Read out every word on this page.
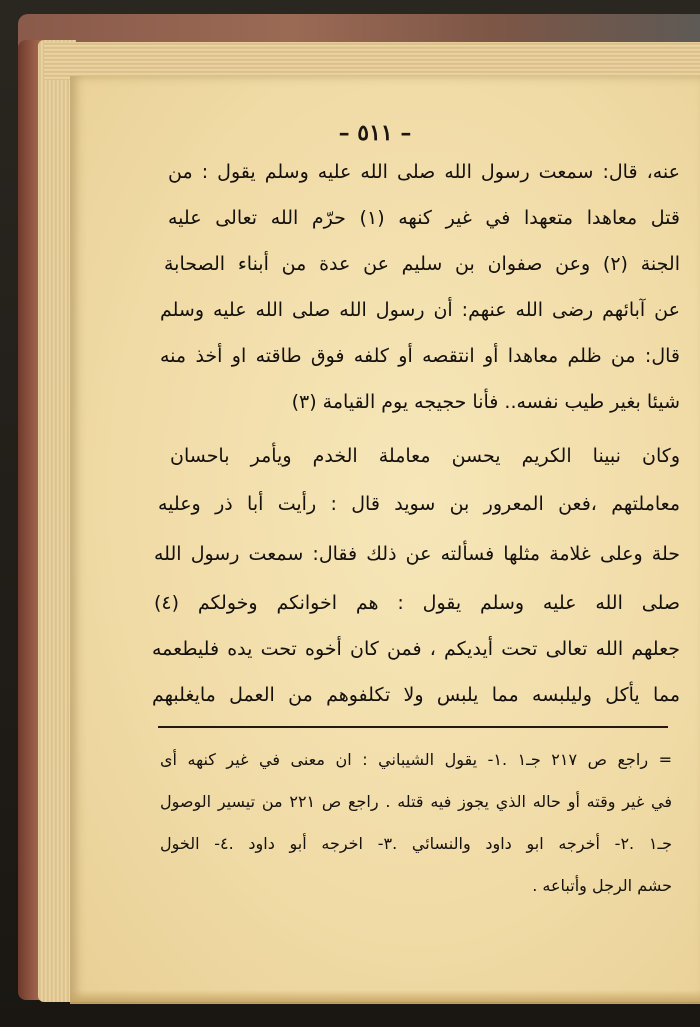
– ٥١١ –
عنه، قال: سمعت رسول الله صلى الله عليه وسلم يقول : من
قتل معاهدا متعهدا في غير كنهه (١) حرّم الله تعالى عليه
الجنة (٢) وعن صفوان بن سليم عن عدة من أبناء الصحابة
عن آبائهم رضى الله عنهم: أن رسول الله صلى الله عليه وسلم
قال: من ظلم معاهدا أو انتقصه أو كلفه فوق طاقته او أخذ منه
شيئا بغير طيب نفسه.. فأنا حجيجه يوم القيامة (٣)
وكان نبينا الكريم يحسن معاملة الخدم ويأمر باحسان
معاملتهم ،فعن المعرور بن سويد قال : رأيت أبا ذر وعليه
حلة وعلى غلامة مثلها فسألته عن ذلك فقال: سمعت رسول الله
صلى الله عليه وسلم يقول : هم اخوانكم وخولكم (٤)
جعلهم الله تعالى تحت أيديكم ، فمن كان أخوه تحت يده فليطعمه
مما يأكل وليلبسه مما يلبس ولا تكلفوهم من العمل مايغلبهم
= راجع ص ٢١٧ جـ١ .١- يقول الشيباني : ان معنى في غير كنهه أى
في غير وقته أو حاله الذي يجوز فيه قتله . راجع ص ٢٢١ من تيسير الوصول
جـ١ .٢- أخرجه ابو داود والنسائي .٣- اخرجه أبو داود .٤- الخول
حشم الرجل وأتباعه .
